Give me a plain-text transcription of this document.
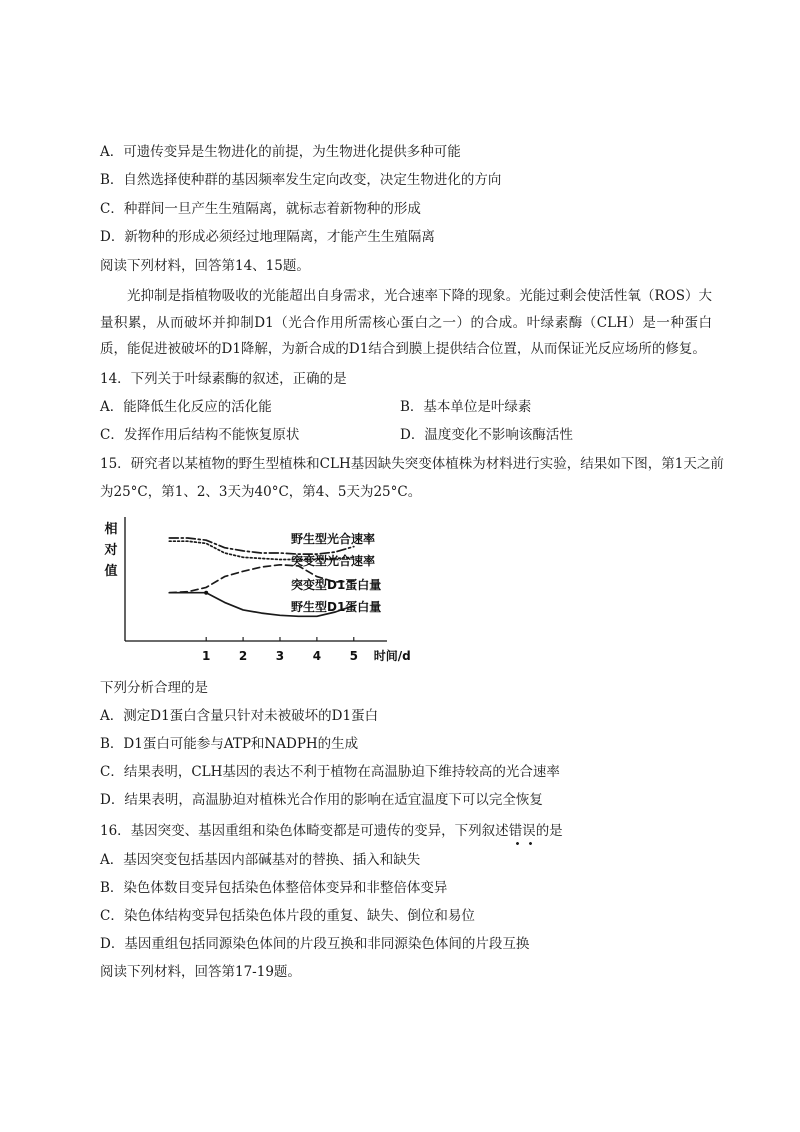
A．可遗传变异是生物进化的前提，为生物进化提供多种可能
B．自然选择使种群的基因频率发生定向改变，决定生物进化的方向
C．种群间一旦产生生殖隔离，就标志着新物种的形成
D．新物种的形成必须经过地理隔离，才能产生生殖隔离
阅读下列材料，回答第14、15题。
光抑制是指植物吸收的光能超出自身需求，光合速率下降的现象。光能过剩会使活性氧（ROS）大量积累，从而破坏并抑制D1（光合作用所需核心蛋白之一）的合成。叶绿素酶（CLH）是一种蛋白质，能促进被破坏的D1降解，为新合成的D1结合到膜上提供结合位置，从而保证光反应场所的修复。
14．下列关于叶绿素酶的叙述，正确的是
A．能降低生化反应的活化能	B．基本单位是叶绿素
C．发挥作用后结构不能恢复原状	D．温度变化不影响该酶活性
15．研究者以某植物的野生型植株和CLH基因缺失突变体植株为材料进行实验，结果如下图，第1天之前
为25°C，第1、2、3天为40°C，第4、5天为25°C。
相
对
值
1 2 3 4 5 时间/d
野生型光合速率
突变型光合速率
突变型D1蛋白量
野生型D1蛋白量
下列分析合理的是
A．测定D1蛋白含量只针对未被破坏的D1蛋白
B．D1蛋白可能参与ATP和NADPH的生成
C．结果表明，CLH基因的表达不利于植物在高温胁迫下维持较高的光合速率
D．结果表明，高温胁迫对植株光合作用的影响在适宜温度下可以完全恢复
16．基因突变、基因重组和染色体畸变都是可遗传的变异，下列叙述错误的是
A．基因突变包括基因内部碱基对的替换、插入和缺失
B．染色体数目变异包括染色体整倍体变异和非整倍体变异
C．染色体结构变异包括染色体片段的重复、缺失、倒位和易位
D．基因重组包括同源染色体间的片段互换和非同源染色体间的片段互换
阅读下列材料，回答第17-19题。
